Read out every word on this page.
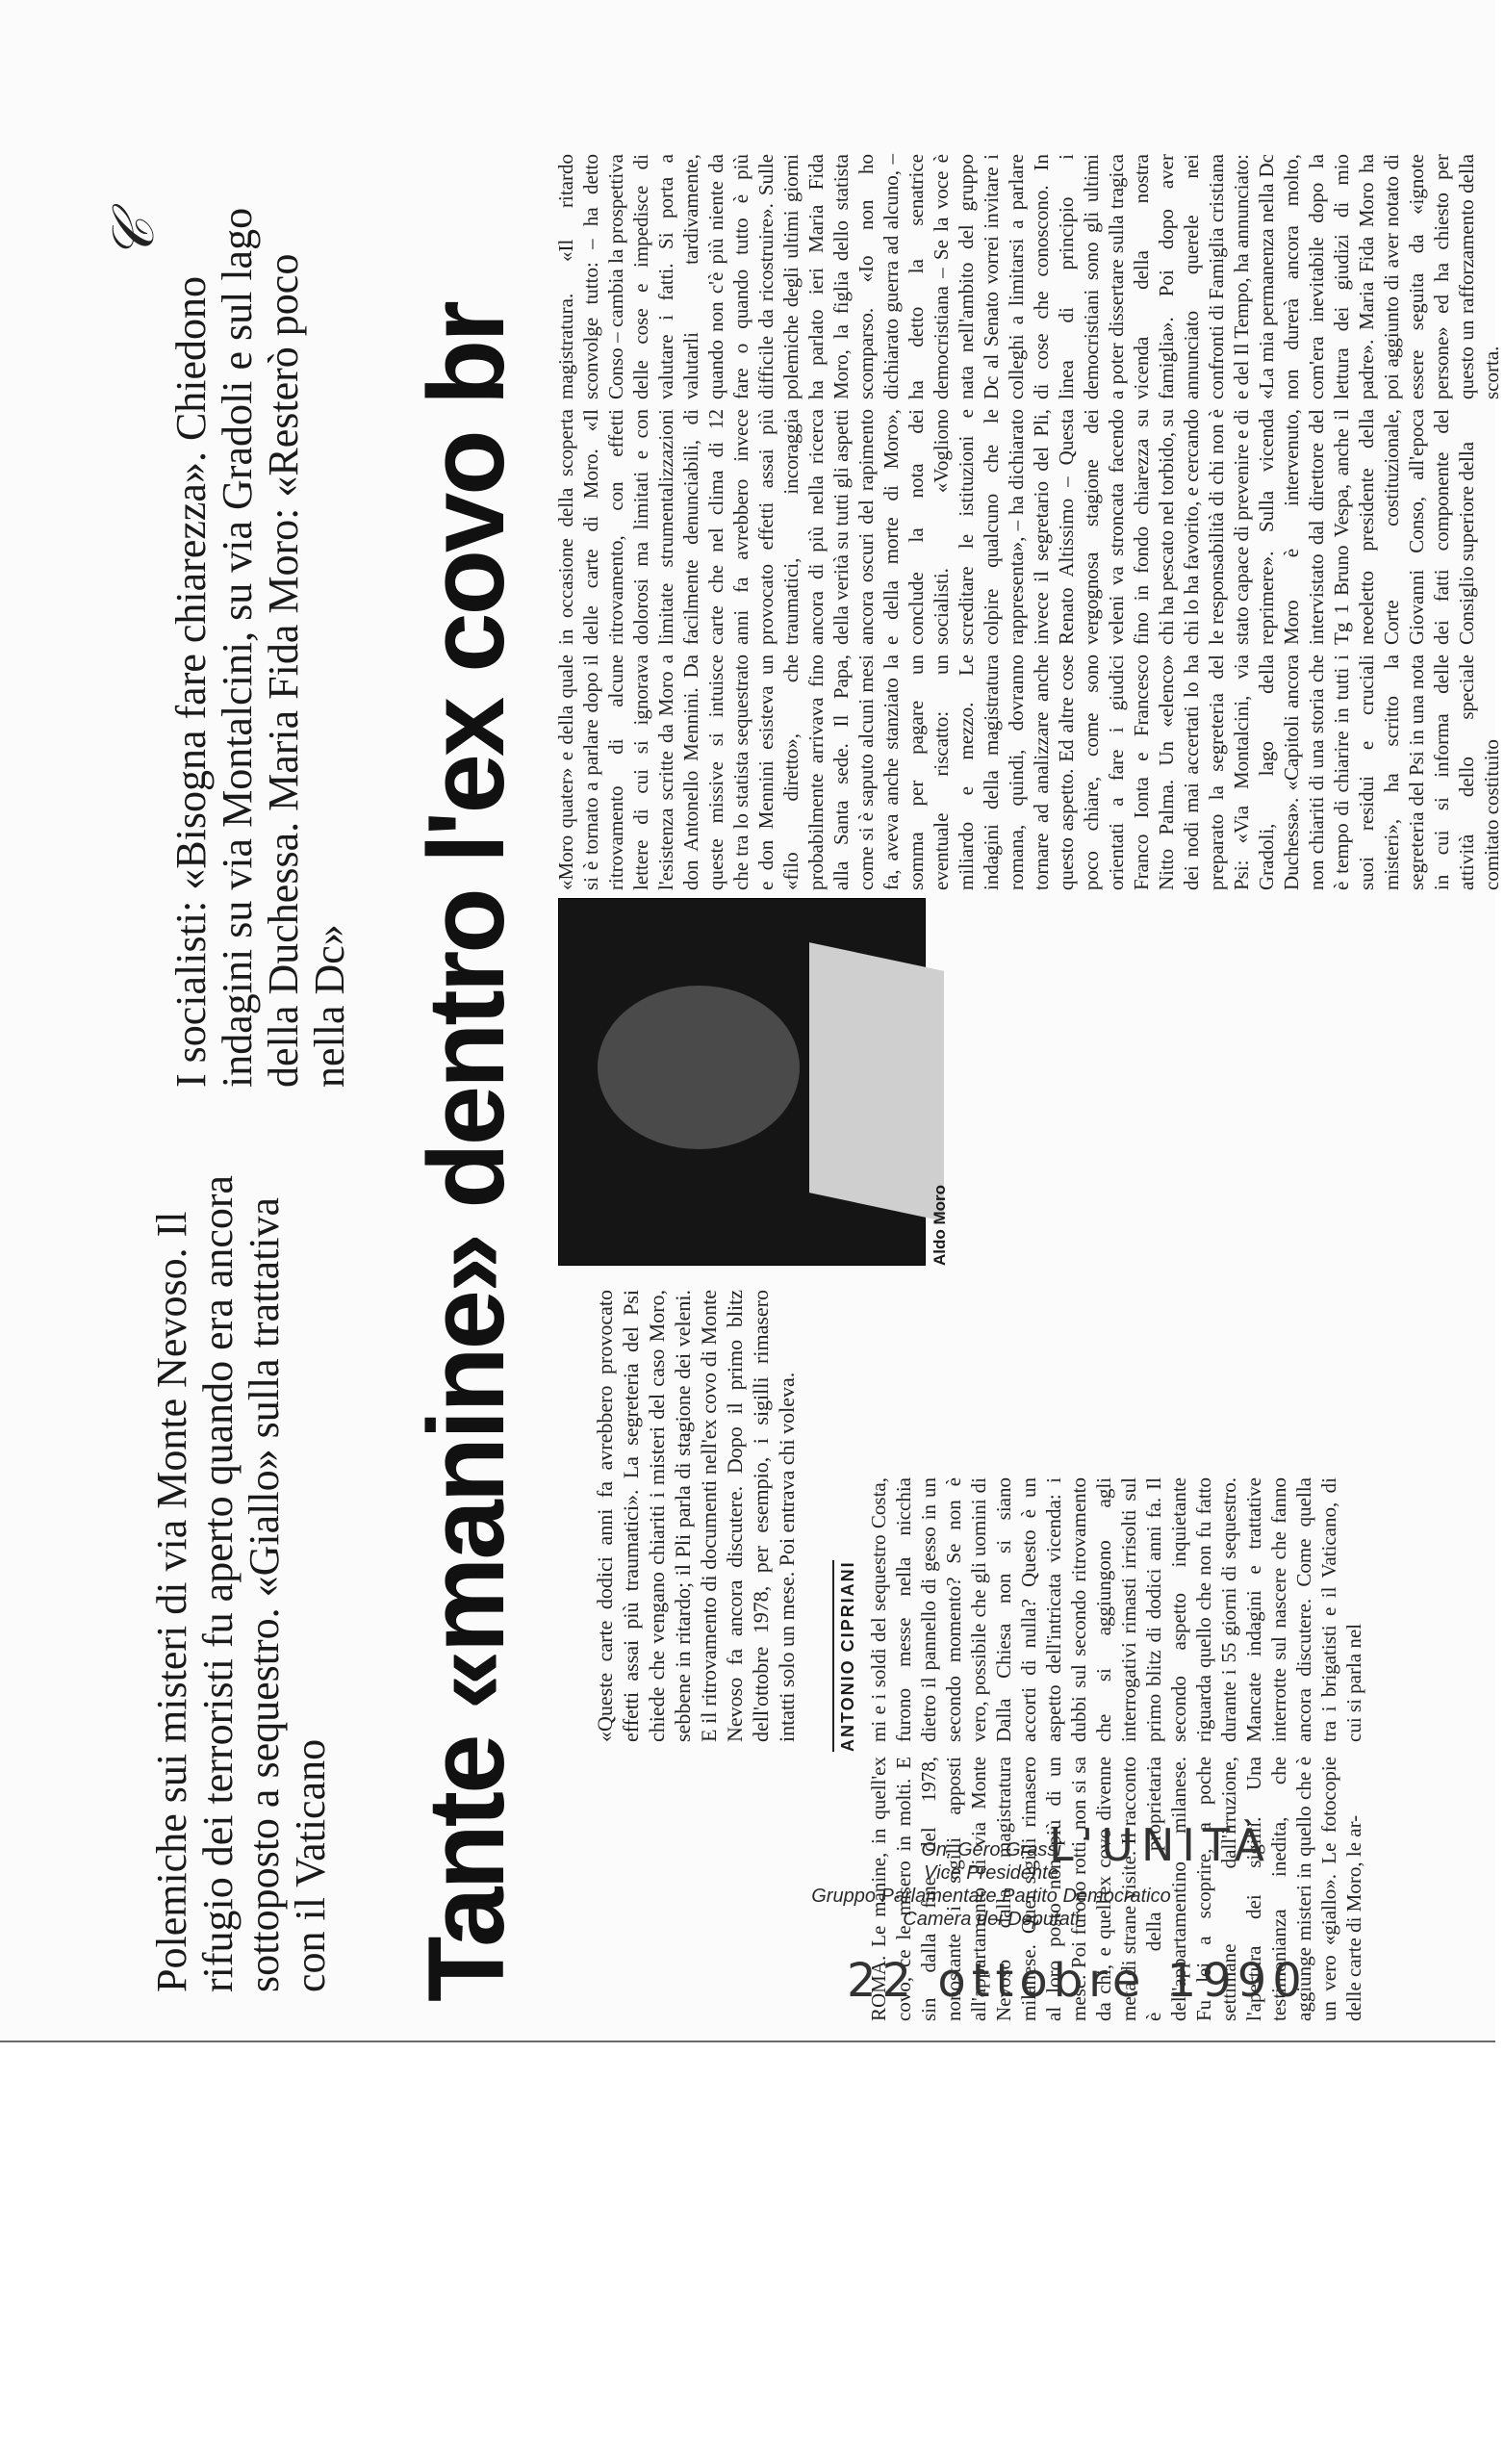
𝒞
Polemiche sui misteri di via Monte Nevoso. Il rifugio dei terroristi fu aperto quando era ancora sottoposto a sequestro. «Giallo» sulla trattativa con il Vaticano
I socialisti: «Bisogna fare chiarezza». Chiedono indagini su via Montalcini, su via Gradoli e sul lago della Duchessa. Maria Fida Moro: «Resterò poco nella Dc» Tante «manine» dentro l'ex covo br	«Queste carte dodici anni fa avrebbero provocato effetti assai più traumatici». La segreteria del Psi chiede che vengano chiariti i misteri del caso Moro, sebbene in ritardo; il Pli parla di stagione dei veleni. E il ritrovamento di documenti nell'ex covo di Monte Nevoso fa ancora discutere. Dopo il primo blitz dell'ottobre 1978, per esempio, i sigilli rimasero intatti solo un mese. Poi entrava chi voleva.	ANTONIO CIPRIANI
ROMA. Le manine, in quell'ex covo, ce le misero in molti. E sin dalla fine del 1978, nonostante i sigilli apposti all'appartamento di via Monte Nevoso dalla magistratura milanese. Quei sigilli rimasero al loro posto non più di un mese. Poi furono rotti, non si sa da chi, e quell'ex covo divenne meta di strane visite. Il racconto è della proprietaria dell'appartamentino milanese. Fu lei a scoprire, a poche settimane dall'irruzione, l'apertura dei sigilli. Una testimonianza inedita, che aggiunge misteri in quello che è un vero «giallo». Le fotocopie delle carte di Moro, le ar-
mi e i soldi del sequestro Costa, furono messe nella nicchia dietro il pannello di gesso in un secondo momento? Se non è vero, possibile che gli uomini di Dalla Chiesa non si siano accorti di nulla? Questo è un aspetto dell'intricata vicenda: i dubbi sul secondo ritrovamento che si aggiungono agli interrogativi rimasti irrisolti sul primo blitz di dodici anni fa. Il secondo aspetto inquietante riguarda quello che non fu fatto durante i 55 giorni di sequestro. Mancate indagini e trattative interrotte sul nascere che fanno ancora discutere. Come quella tra i brigatisti e il Vaticano, di cui si parla nel
Aldo Moro
«Moro quater» e della quale si è tornato a parlare dopo il ritrovamento di alcune lettere di cui si ignorava l'esistenza scritte da Moro a don Antonello Mennini. Da queste missive si intuisce che tra lo statista sequestrato e don Mennini esisteva un «filo diretto», che probabilmente arrivava fino alla Santa sede. Il Papa, come si è saputo alcuni mesi fa, aveva anche stanziato la somma per pagare un eventuale riscatto: un miliardo e mezzo. Le indagini della magistratura romana, quindi, dovranno tornare ad analizzare anche questo aspetto. Ed altre cose poco chiare, come sono orientati a fare i giudici Franco Ionta e Francesco Nitto Palma. Un «elenco» dei nodi mai accertati lo ha preparato la segreteria del Psi: «Via Montalcini, via Gradoli, lago della Duchessa». «Capitoli ancora non chiariti di una storia che è tempo di chiarire in tutti i suoi residui e cruciali misteri», ha scritto la segreteria del Psi in una nota in cui si informa delle attività dello speciale comitato costituito
in occasione della scoperta delle carte di Moro. «Il ritrovamento, con effetti dolorosi ma limitati e con limitate strumentalizzazioni facilmente denunciabili, di carte che nel clima di 12 anni fa avrebbero invece provocato effetti assai più traumatici, incoraggia ancora di più nella ricerca della verità su tutti gli aspetti ancora oscuri del rapimento e della morte di Moro», conclude la nota dei socialisti. «Vogliono screditare le istituzioni e colpire qualcuno che le rappresenta», – ha dichiarato invece il segretario del Pli, Renato Altissimo – Questa vergognosa stagione dei veleni va stroncata facendo fino in fondo chiarezza su chi ha pescato nel torbido, su chi lo ha favorito, e cercando le responsabilità di chi non è stato capace di prevenire e di reprimere». Sulla vicenda Moro è intervenuto, intervistato dal direttore del Tg 1 Bruno Vespa, anche il neoeletto presidente della Corte costituzionale, Giovanni Conso, all'epoca dei fatti componente del Consiglio superiore della
magistratura. «Il ritardo sconvolge tutto: – ha detto Conso – cambia la prospettiva delle cose e impedisce di valutare i fatti. Si porta a valutarli tardivamente, quando non c'è più niente da fare o quando tutto è più difficile da ricostruire». Sulle polemiche degli ultimi giorni ha parlato ieri Maria Fida Moro, la figlia dello statista scomparso. «Io non ho dichiarato guerra ad alcuno, – ha detto la senatrice democristiana – Se la voce è nata nell'ambito del gruppo Dc al Senato vorrei invitare i colleghi a limitarsi a parlare di cose che conoscono. In linea di principio i democristiani sono gli ultimi a poter dissertare sulla tragica vicenda della nostra famiglia». Poi dopo aver annunciato querele nei confronti di Famiglia cristiana e del Il Tempo, ha annunciato: «La mia permanenza nella Dc non durerà ancora molto, com'era inevitabile dopo la lettura dei giudizi di mio padre». Maria Fida Moro ha poi aggiunto di aver notato di essere seguita da «ignote persone» ed ha chiesto per questo un rafforzamento della scorta.
On. Gero Grassi
Vice Presidente
Gruppo Parlamentare Partito Democratico
Camera dei Deputati
L'UNITÀ
22 ottobre 1990
